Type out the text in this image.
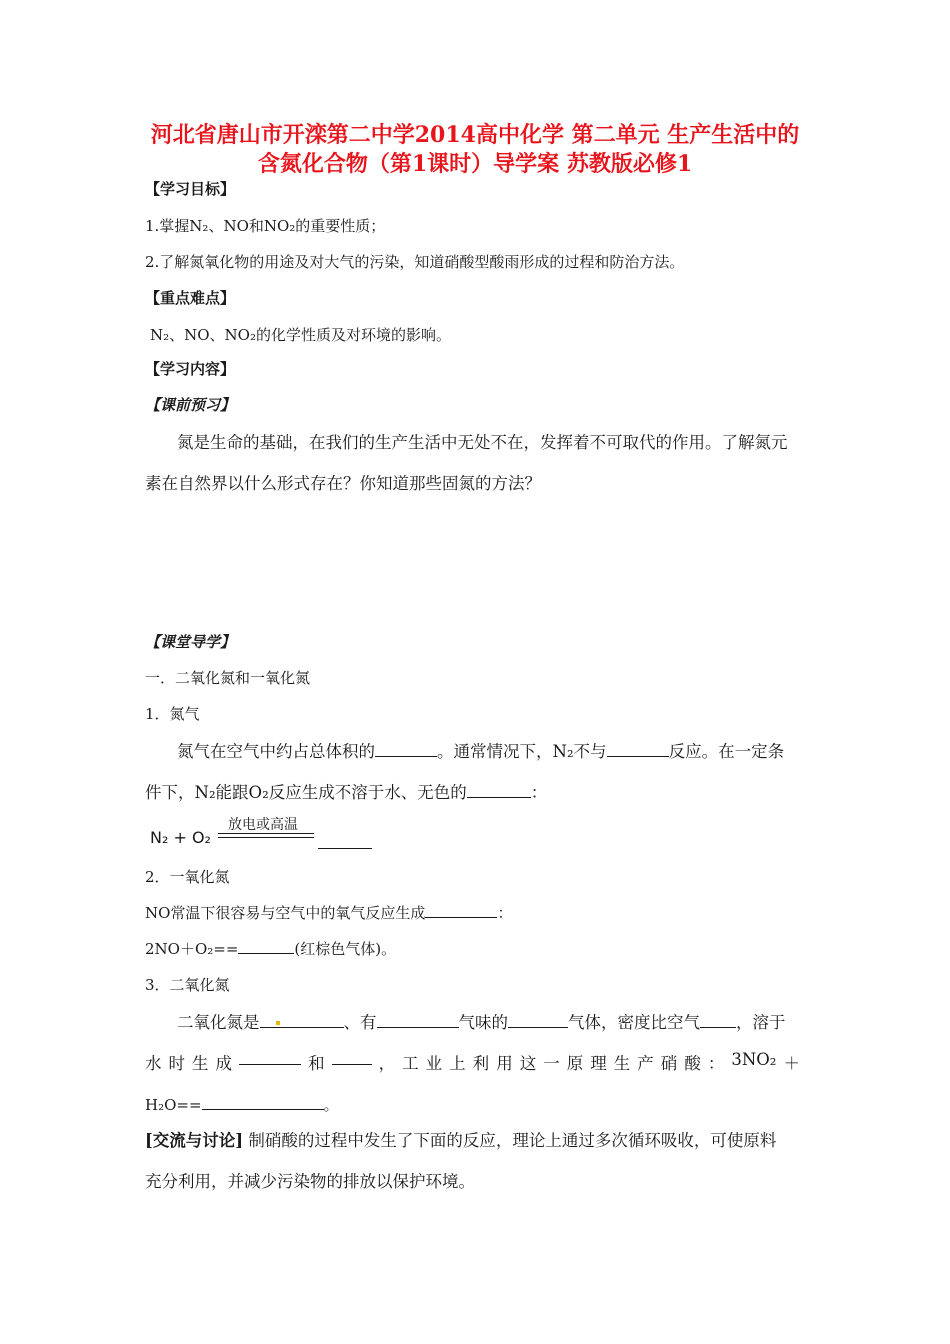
河北省唐山市开滦第二中学2014高中化学 第二单元 生产生活中的
含氮化合物（第1课时）导学案 苏教版必修1
【学习目标】
1.掌握N₂、NO和NO₂的重要性质；
2.了解氮氧化物的用途及对大气的污染，知道硝酸型酸雨形成的过程和防治方法。
【重点难点】
N₂、NO、NO₂的化学性质及对环境的影响。
【学习内容】
【课前预习】
氮是生命的基础，在我们的生产生活中无处不在，发挥着不可取代的作用。了解氮元
素在自然界以什么形式存在？你知道那些固氮的方法？
【课堂导学】
一．二氧化氮和一氧化氮
1．氮气
氮气在空气中约占总体积的	。通常情况下，N₂不与	反应。在一定条
件下，N₂能跟O₂反应生成不溶于水、无色的	：
N₂ + O₂
放电或高温
2．一氧化氮
NO常温下很容易与空气中的氧气反应生成	：
2NO＋O₂==	(红棕色气体)。
3．二氧化氮
二氧化氮是	、有	气味的	气体，密度比空气 ，溶于
水 时 生 成	和	， 工 业 上 利 用 这 一 原 理 生 产 硝 酸 ： 3NO₂ ＋
H₂O==	。
[交流与讨论] 制硝酸的过程中发生了下面的反应，理论上通过多次循环吸收，可使原料
充分利用，并减少污染物的排放以保护环境。
